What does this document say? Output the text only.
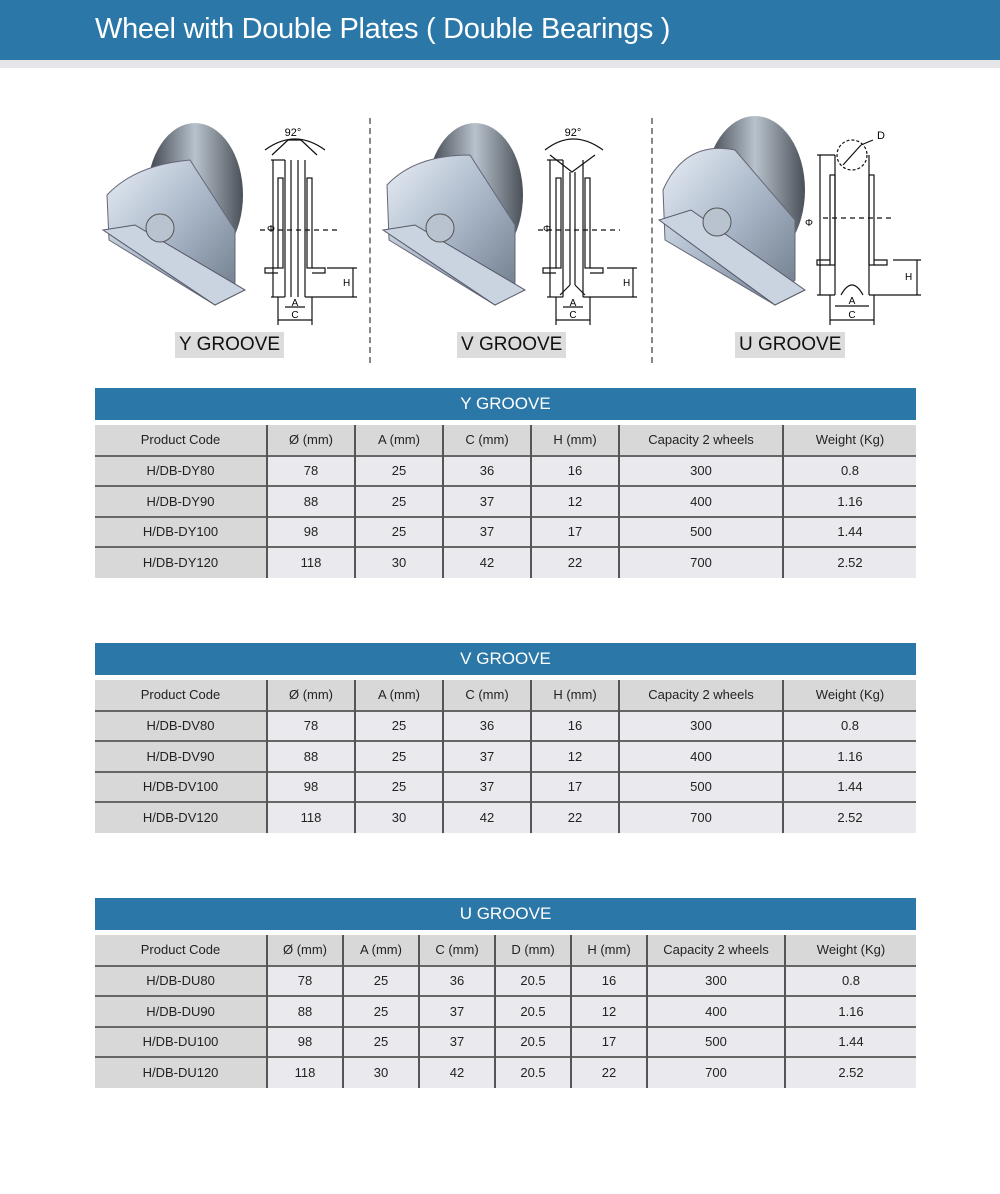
Wheel with Double Plates ( Double Bearings )
92°
Φ
H
A
C
Y GROOVE
92°
Φ
H
A
C
V GROOVE
D
Φ
H
A
C
U GROOVE
Y GROOVE
Product Code	Ø (mm)	A (mm)	C (mm)	H (mm)	Capacity 2 wheels	Weight (Kg)
H/DB-DY80	78	25	36	16	300	0.8
H/DB-DY90	88	25	37	12	400	1.16
H/DB-DY100	98	25	37	17	500	1.44
H/DB-DY120	118	30	42	22	700	2.52
V GROOVE
Product Code	Ø (mm)	A (mm)	C (mm)	H (mm)	Capacity 2 wheels	Weight (Kg)
H/DB-DV80	78	25	36	16	300	0.8
H/DB-DV90	88	25	37	12	400	1.16
H/DB-DV100	98	25	37	17	500	1.44
H/DB-DV120	118	30	42	22	700	2.52
U GROOVE
Product Code	Ø (mm)	A (mm)	C (mm)	D (mm)	H (mm)	Capacity 2 wheels	Weight (Kg)
H/DB-DU80	78	25	36	20.5	16	300	0.8
H/DB-DU90	88	25	37	20.5	12	400	1.16
H/DB-DU100	98	25	37	20.5	17	500	1.44
H/DB-DU120	118	30	42	20.5	22	700	2.52
